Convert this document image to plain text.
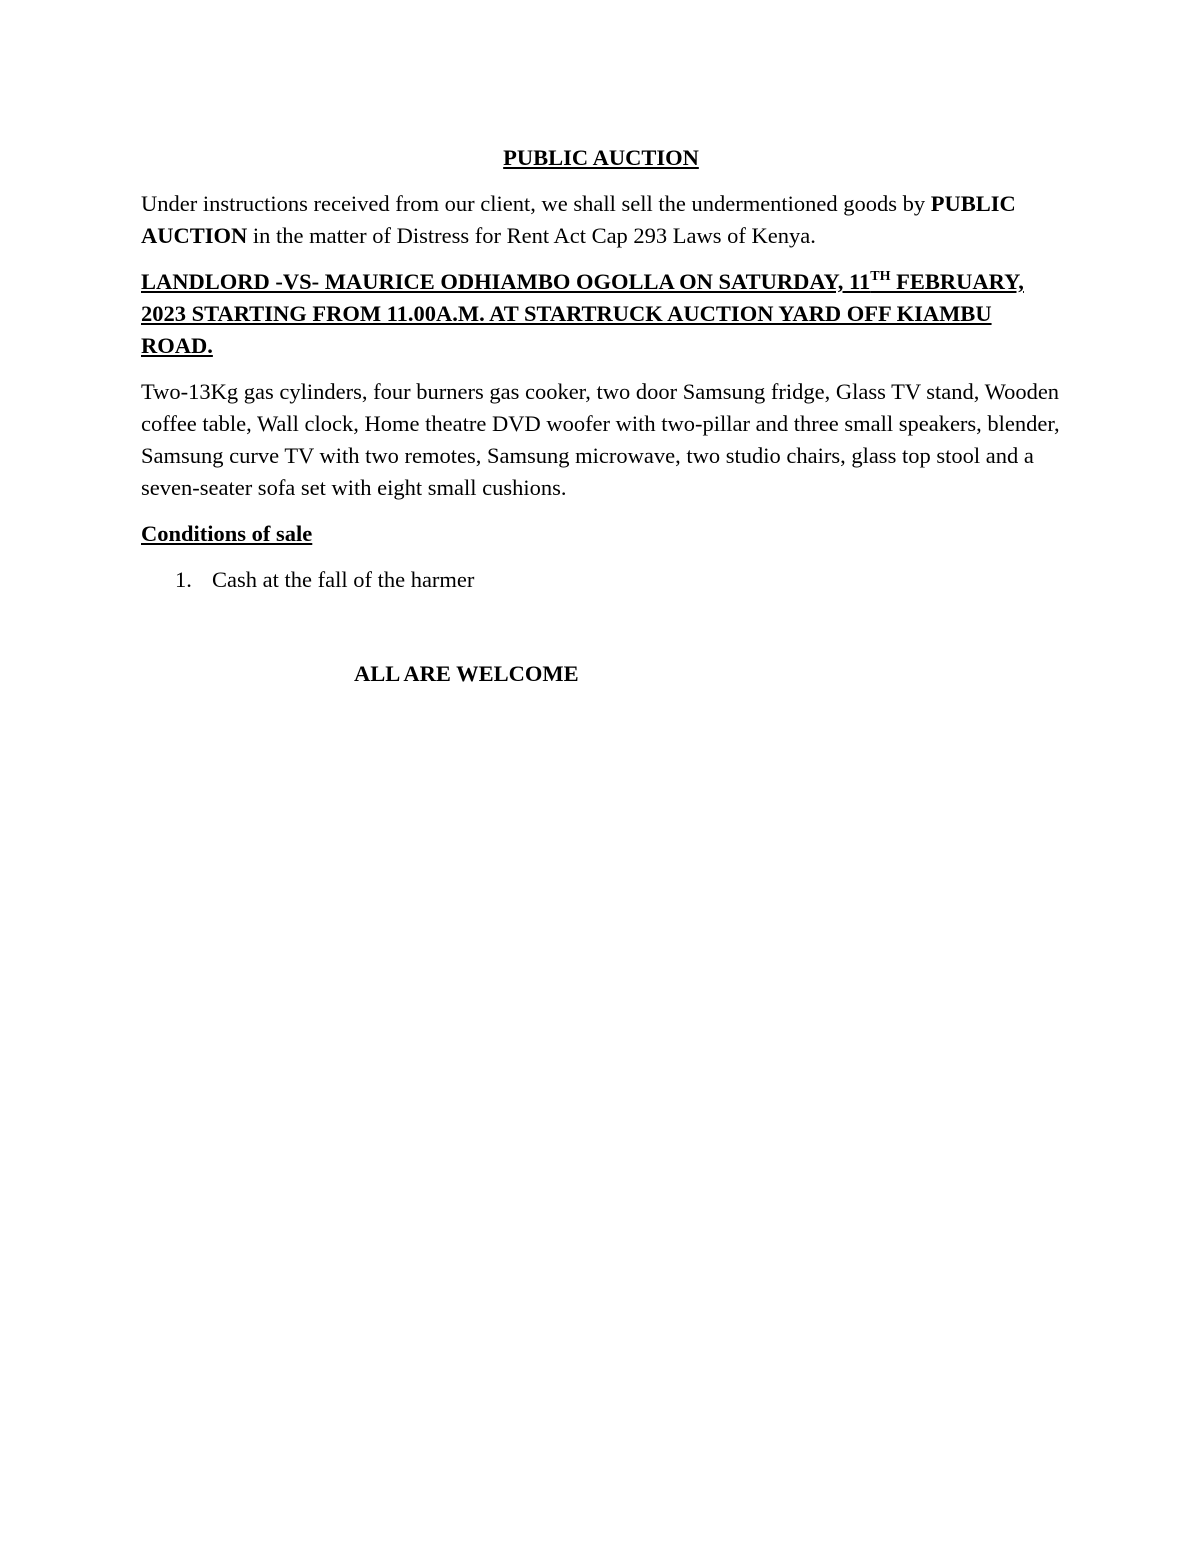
PUBLIC AUCTION

Under instructions received from our client, we shall sell the undermentioned goods by PUBLIC AUCTION in the matter of Distress for Rent Act Cap 293 Laws of Kenya.

LANDLORD -VS- MAURICE ODHIAMBO OGOLLA ON SATURDAY, 11TH FEBRUARY, 2023 STARTING FROM 11.00A.M. AT STARTRUCK AUCTION YARD OFF KIAMBU ROAD.

Two-13Kg gas cylinders, four burners gas cooker, two door Samsung fridge, Glass TV stand, Wooden coffee table, Wall clock, Home theatre DVD woofer with two-pillar and three small speakers, blender, Samsung curve TV with two remotes, Samsung microwave, two studio chairs, glass top stool and a seven-seater sofa set with eight small cushions.

Conditions of sale
1. Cash at the fall of the harmer
ALL ARE WELCOME
